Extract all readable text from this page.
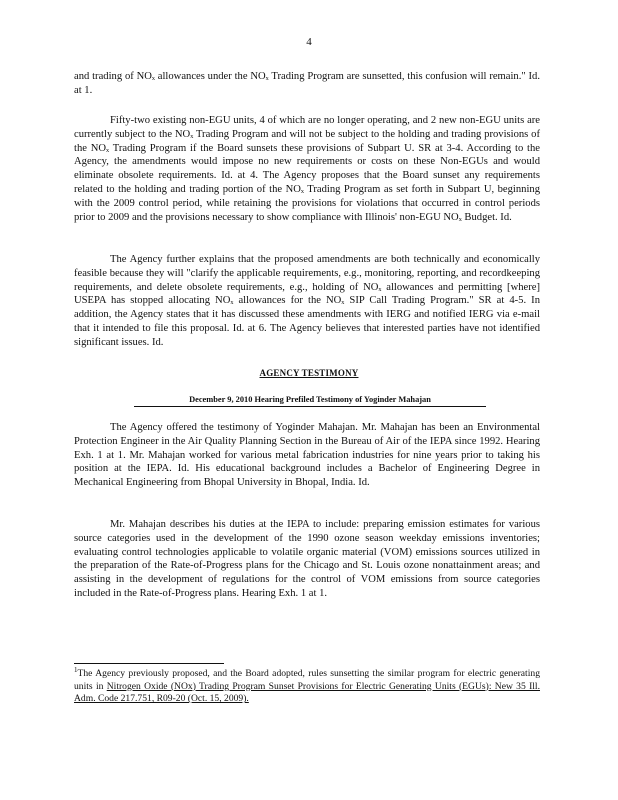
4

and trading of NOₓ allowances under the NOₓ Trading Program are sunsetted, this confusion will remain." Id. at 1.

Fifty-two existing non-EGU units, 4 of which are no longer operating, and 2 new non-EGU units are currently subject to the NOₓ Trading Program and will not be subject to the holding and trading provisions of the NOₓ Trading Program if the Board sunsets these provisions of Subpart U. SR at 3-4. According to the Agency, the amendments would impose no new requirements or costs on these Non-EGUs and would eliminate obsolete requirements. Id. at 4. The Agency proposes that the Board sunset any requirements related to the holding and trading portion of the NOₓ Trading Program as set forth in Subpart U, beginning with the 2009 control period, while retaining the provisions for violations that occurred in control periods prior to 2009 and the provisions necessary to show compliance with Illinois' non-EGU NOₓ Budget. Id.

The Agency further explains that the proposed amendments are both technically and economically feasible because they will "clarify the applicable requirements, e.g., monitoring, reporting, and recordkeeping requirements, and delete obsolete requirements, e.g., holding of NOₓ allowances and permitting [where] USEPA has stopped allocating NOₓ allowances for the NOₓ SIP Call Trading Program." SR at 4-5. In addition, the Agency states that it has discussed these amendments with IERG and notified IERG via e-mail that it intended to file this proposal. Id. at 6. The Agency believes that interested parties have not identified significant issues. Id.

AGENCY TESTIMONY
December 9, 2010 Hearing Prefiled Testimony of Yoginder Mahajan

The Agency offered the testimony of Yoginder Mahajan. Mr. Mahajan has been an Environmental Protection Engineer in the Air Quality Planning Section in the Bureau of Air of the IEPA since 1992. Hearing Exh. 1 at 1. Mr. Mahajan worked for various metal fabrication industries for nine years prior to taking his position at the IEPA. Id. His educational background includes a Bachelor of Engineering Degree in Mechanical Engineering from Bhopal University in Bhopal, India. Id.

Mr. Mahajan describes his duties at the IEPA to include: preparing emission estimates for various source categories used in the development of the 1990 ozone season weekday emissions inventories; evaluating control technologies applicable to volatile organic material (VOM) emissions sources utilized in the preparation of the Rate-of-Progress plans for the Chicago and St. Louis ozone nonattainment areas; and assisting in the development of regulations for the control of VOM emissions from source categories included in the Rate-of-Progress plans. Hearing Exh. 1 at 1.

$^1$The Agency previously proposed, and the Board adopted, rules sunsetting the similar program for electric generating units in Nitrogen Oxide (NOx) Trading Program Sunset Provisions for Electric Generating Units (EGUs): New 35 Ill. Adm. Code 217.751, R09-20 (Oct. 15, 2009).
